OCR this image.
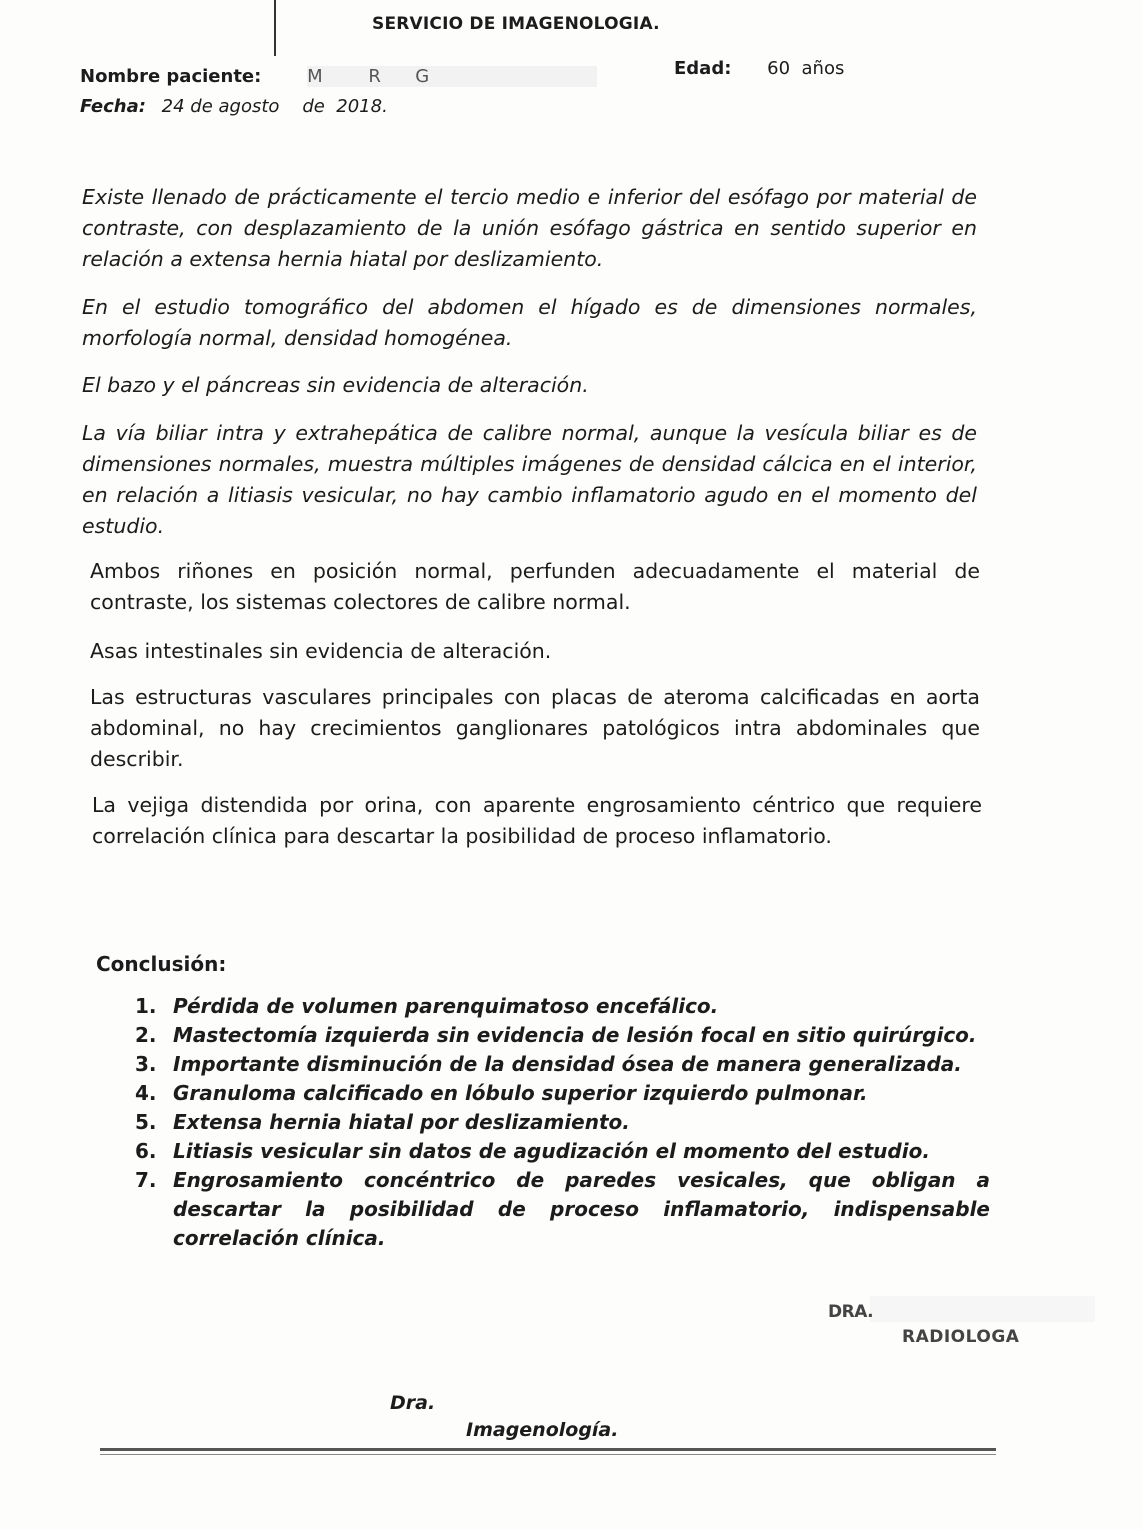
SERVICIO DE IMAGENOLOGIA.
Nombre paciente:	M        R      G	Edad: 60  años
Fecha: 24 de agosto    de  2018.

Existe llenado de prácticamente el tercio medio e inferior del esófago por material de contraste, con desplazamiento de la unión esófago gástrica en sentido superior en relación a extensa hernia hiatal por deslizamiento.

En el estudio tomográfico del abdomen el hígado es de dimensiones normales, morfología normal, densidad homogénea.

El bazo y el páncreas sin evidencia de alteración.

La vía biliar intra y extrahepática de calibre normal, aunque la vesícula biliar es de dimensiones normales, muestra múltiples imágenes de densidad cálcica en el interior, en relación a litiasis vesicular, no hay cambio inflamatorio agudo en el momento del estudio.

Ambos riñones en posición normal, perfunden adecuadamente el material de contraste, los sistemas colectores de calibre normal.

Asas intestinales sin evidencia de alteración.

Las estructuras vasculares principales con placas de ateroma calcificadas en aorta abdominal, no hay crecimientos ganglionares patológicos intra abdominales que describir.

La vejiga distendida por orina, con aparente engrosamiento céntrico que requiere correlación clínica para descartar la posibilidad de proceso inflamatorio.

Conclusión:
1. Pérdida de volumen parenquimatoso encefálico.
2. Mastectomía izquierda sin evidencia de lesión focal en sitio quirúrgico.
3. Importante disminución de la densidad ósea de manera generalizada.
4. Granuloma calcificado en lóbulo superior izquierdo pulmonar.
5. Extensa hernia hiatal por deslizamiento.
6. Litiasis vesicular sin datos de agudización el momento del estudio.
7. Engrosamiento concéntrico de paredes vesicales, que obligan a descartar la posibilidad de proceso inflamatorio, indispensable correlación clínica.
DRA.
RADIOLOGA
Dra.
Imagenología.
